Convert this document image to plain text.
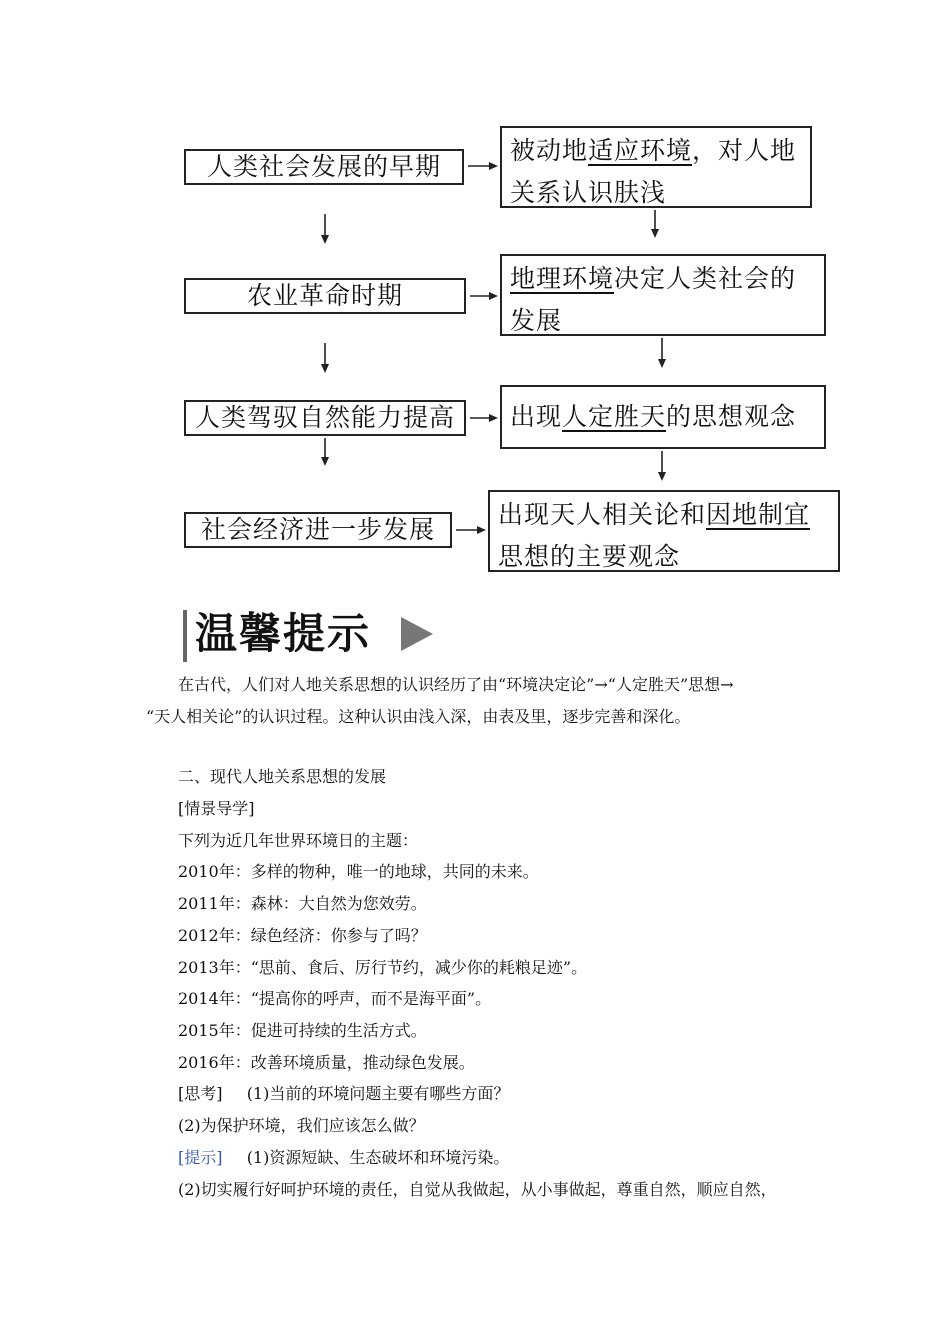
人类社会发展的早期
农业革命时期
人类驾驭自然能力提高
社会经济进一步发展
被动地适应环境，对人地
关系认识肤浅
地理环境决定人类社会的
发展
出现人定胜天的思想观念
出现天人相关论和因地制宜
思想的主要观念
温馨提示
在古代，人们对人地关系思想的认识经历了由“环境决定论”→“人定胜天”思想→
“天人相关论”的认识过程。这种认识由浅入深，由表及里，逐步完善和深化。
二、现代人地关系思想的发展
[情景导学]
下列为近几年世界环境日的主题：
2010年：多样的物种，唯一的地球，共同的未来。
2011年：森林：大自然为您效劳。
2012年：绿色经济：你参与了吗？
2013年：“思前、食后、厉行节约，减少你的耗粮足迹”。
2014年：“提高你的呼声，而不是海平面”。
2015年：促进可持续的生活方式。
2016年：改善环境质量，推动绿色发展。
[思考] (1)当前的环境问题主要有哪些方面？
(2)为保护环境，我们应该怎么做？
[提示] (1)资源短缺、生态破坏和环境污染。
(2)切实履行好呵护环境的责任，自觉从我做起，从小事做起，尊重自然，顺应自然，
